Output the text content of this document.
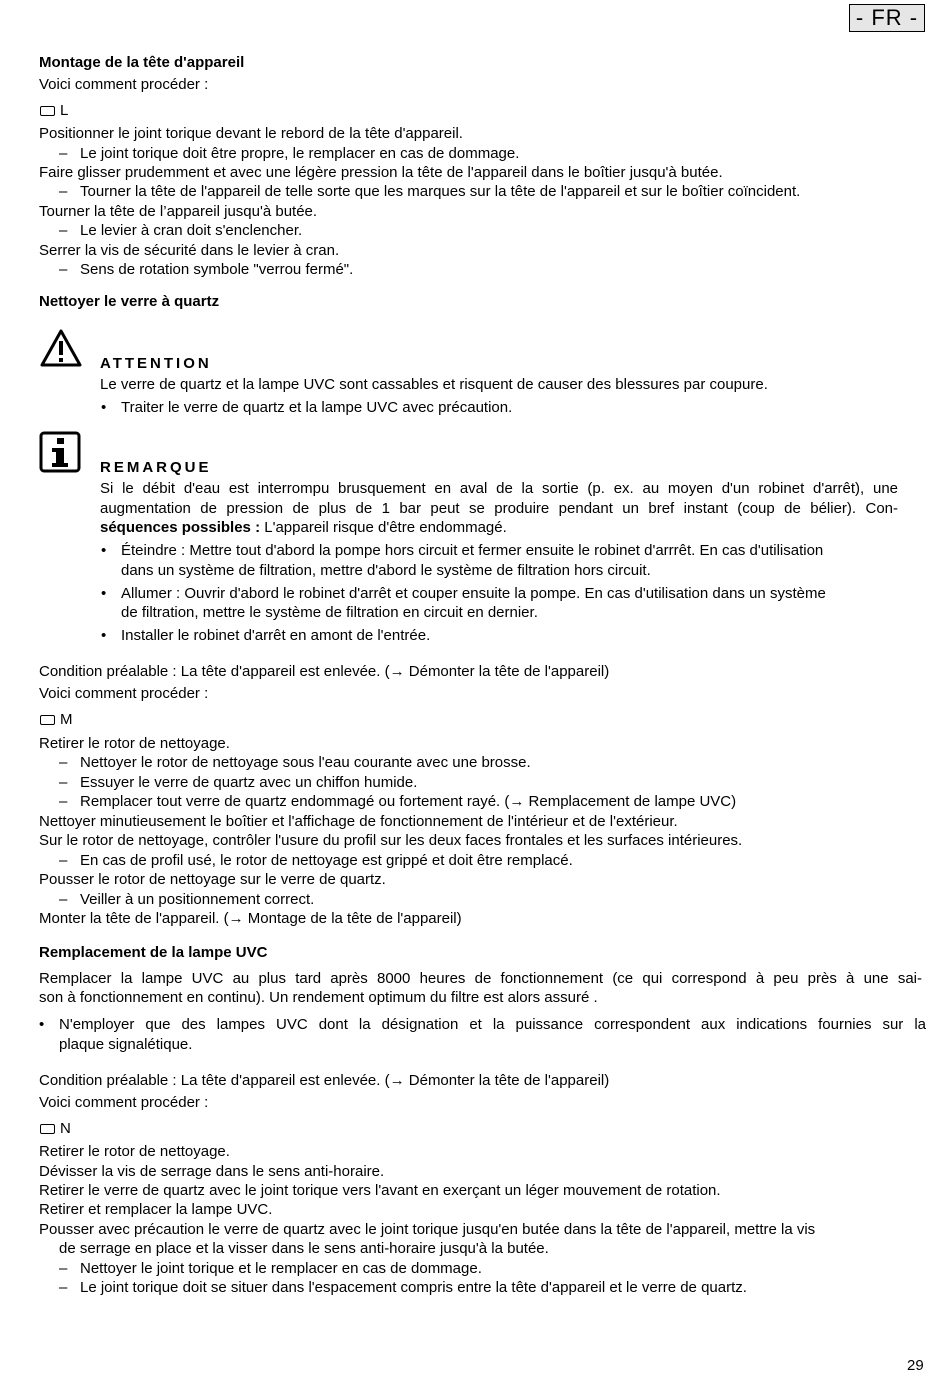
- FR -
Montage de la tête d'appareil
Voici comment procéder :
L
Positionner le joint torique devant le rebord de la tête d'appareil.
– Le joint torique doit être propre, le remplacer en cas de dommage.
Faire glisser prudemment et avec une légère pression la tête de l'appareil dans le boîtier jusqu'à butée.
– Tourner la tête de l'appareil de telle sorte que les marques sur la tête de l'appareil et sur le boîtier coïncident.
Tourner la tête de l’appareil jusqu'à butée.
– Le levier à cran doit s'enclencher.
Serrer la vis de sécurité dans le levier à cran.
– Sens de rotation symbole "verrou fermé".
Nettoyer le verre à quartz
ATTENTION
Le verre de quartz et la lampe UVC sont cassables et risquent de causer des blessures par coupure.
• Traiter le verre de quartz et la lampe UVC avec précaution.
REMARQUE
Si le débit d'eau est interrompu brusquement en aval de la sortie (p. ex. au moyen d'un robinet d'arrêt), une
augmentation de pression de plus de 1 bar peut se produire pendant un bref instant (coup de bélier). Con-
séquences possibles : L'appareil risque d'être endommagé.
• Éteindre : Mettre tout d'abord la pompe hors circuit et fermer ensuite le robinet d'arrrêt. En cas d'utilisation
dans un système de filtration, mettre d'abord le système de filtration hors circuit.
• Allumer : Ouvrir d'abord le robinet d'arrêt et couper ensuite la pompe. En cas d'utilisation dans un système
de filtration, mettre le système de filtration en circuit en dernier.
• Installer le robinet d'arrêt en amont de l'entrée.
Condition préalable : La tête d'appareil est enlevée. (→ Démonter la tête de l'appareil)
Voici comment procéder :
M
Retirer le rotor de nettoyage.
– Nettoyer le rotor de nettoyage sous l'eau courante avec une brosse.
– Essuyer le verre de quartz avec un chiffon humide.
– Remplacer tout verre de quartz endommagé ou fortement rayé. (→ Remplacement de lampe UVC)
Nettoyer minutieusement le boîtier et l'affichage de fonctionnement de l'intérieur et de l'extérieur.
Sur le rotor de nettoyage, contrôler l'usure du profil sur les deux faces frontales et les surfaces intérieures.
– En cas de profil usé, le rotor de nettoyage est grippé et doit être remplacé.
Pousser le rotor de nettoyage sur le verre de quartz.
– Veiller à un positionnement correct.
Monter la tête de l'appareil. (→ Montage de la tête de l'appareil)
Remplacement de la lampe UVC
Remplacer la lampe UVC au plus tard après 8000 heures de fonctionnement (ce qui correspond à peu près à une sai-
son à fonctionnement en continu). Un rendement optimum du filtre est alors assuré .
• N'employer que des lampes UVC dont la désignation et la puissance correspondent aux indications fournies sur la
plaque signalétique.
Condition préalable : La tête d'appareil est enlevée. (→ Démonter la tête de l'appareil)
Voici comment procéder :
N
Retirer le rotor de nettoyage.
Dévisser la vis de serrage dans le sens anti-horaire.
Retirer le verre de quartz avec le joint torique vers l'avant en exerçant un léger mouvement de rotation.
Retirer et remplacer la lampe UVC.
Pousser avec précaution le verre de quartz avec le joint torique jusqu'en butée dans la tête de l'appareil, mettre la vis
de serrage en place et la visser dans le sens anti-horaire jusqu'à la butée.
– Nettoyer le joint torique et le remplacer en cas de dommage.
– Le joint torique doit se situer dans l'espacement compris entre la tête d'appareil et le verre de quartz.
29
